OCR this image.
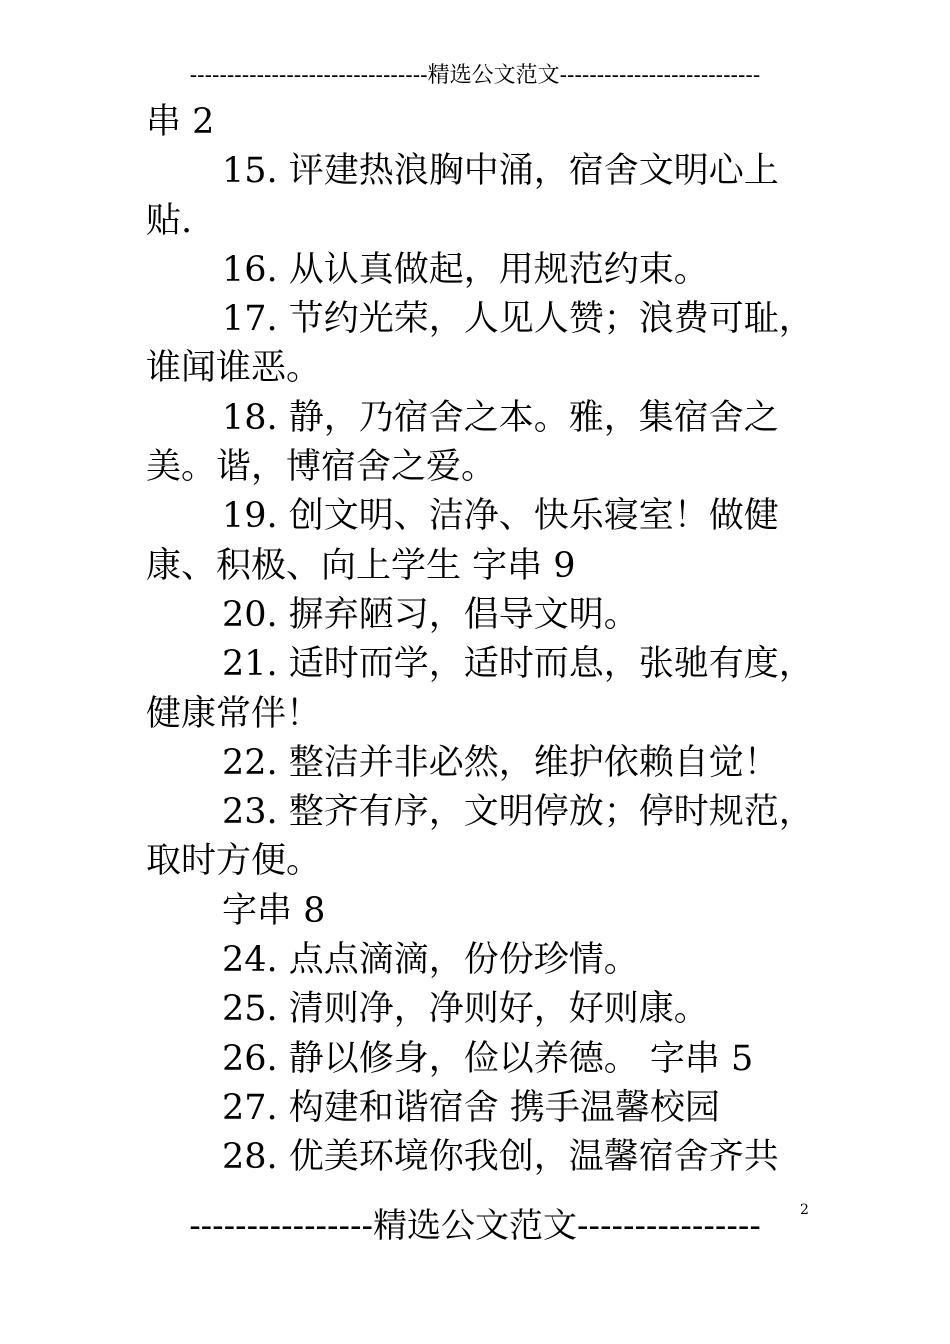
--------------------------------精选公文范文---------------------------

串 2

15. 评建热浪胸中涌，宿舍文明心上贴.

16. 从认真做起，用规范约束。

17. 节约光荣，人见人赞；浪费可耻，谁闻谁恶。

18. 静，乃宿舍之本。雅，集宿舍之美。谐，博宿舍之爱。

19. 创文明、洁净、快乐寝室！做健康、积极、向上学生 字串 9

20. 摒弃陋习，倡导文明。

21. 适时而学，适时而息，张驰有度，健康常伴！

22. 整洁并非必然，维护依赖自觉！

23. 整齐有序，文明停放；停时规范，取时方便。

字串 8

24. 点点滴滴，份份珍情。

25. 清则净，净则好，好则康。

26. 静以修身，俭以养德。 字串 5

27. 构建和谐宿舍 携手温馨校园

28. 优美环境你我创，温馨宿舍齐共

----------------精选公文范文----------------	2
